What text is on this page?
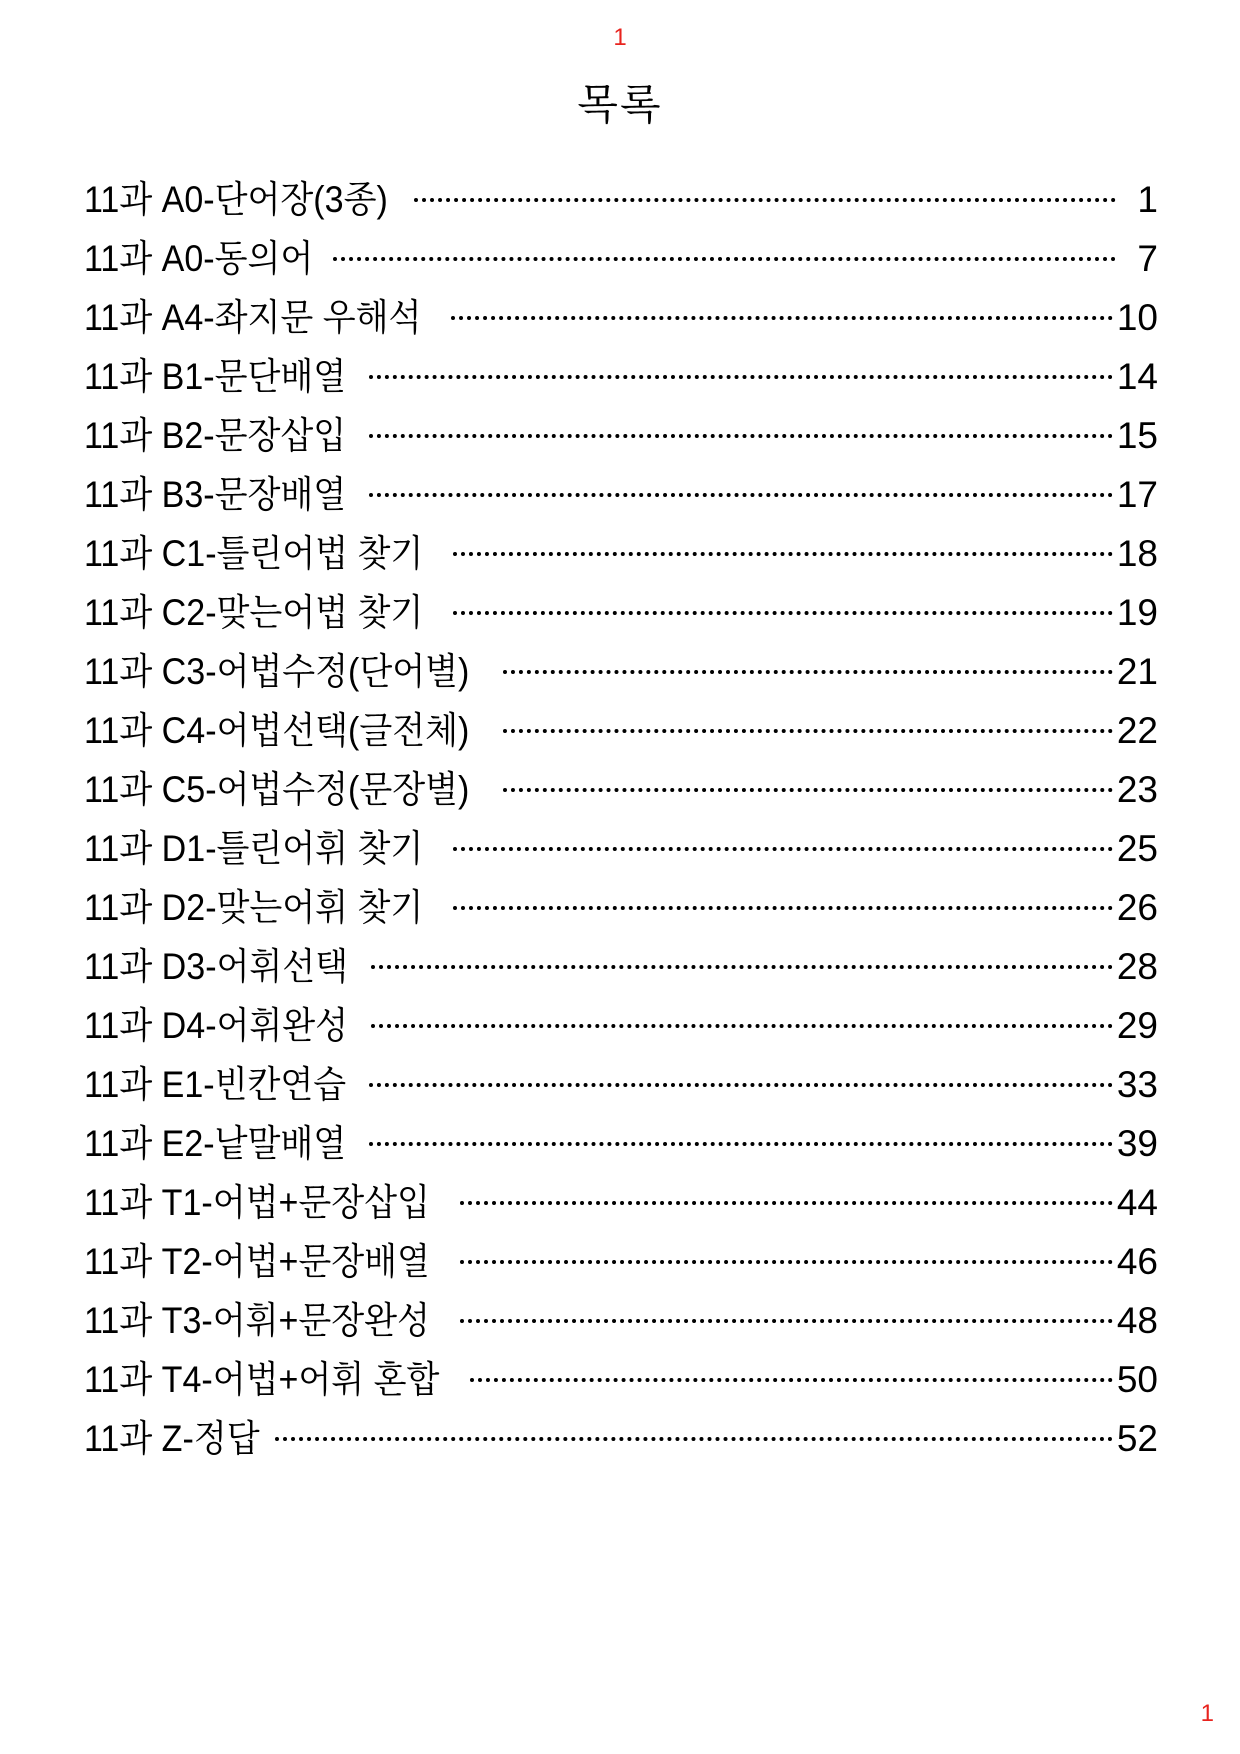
1
목록
11과 A0-단어장(3종)	1
11과 A0-동의어	7
11과 A4-좌지문 우해석	10
11과 B1-문단배열	14
11과 B2-문장삽입	15
11과 B3-문장배열	17
11과 C1-틀린어법 찾기	18
11과 C2-맞는어법 찾기	19
11과 C3-어법수정(단어별)	21
11과 C4-어법선택(글전체)	22
11과 C5-어법수정(문장별)	23
11과 D1-틀린어휘 찾기	25
11과 D2-맞는어휘 찾기	26
11과 D3-어휘선택	28
11과 D4-어휘완성	29
11과 E1-빈칸연습	33
11과 E2-낱말배열	39
11과 T1-어법+문장삽입	44
11과 T2-어법+문장배열	46
11과 T3-어휘+문장완성	48
11과 T4-어법+어휘 혼합	50
11과 Z-정답	52
1
